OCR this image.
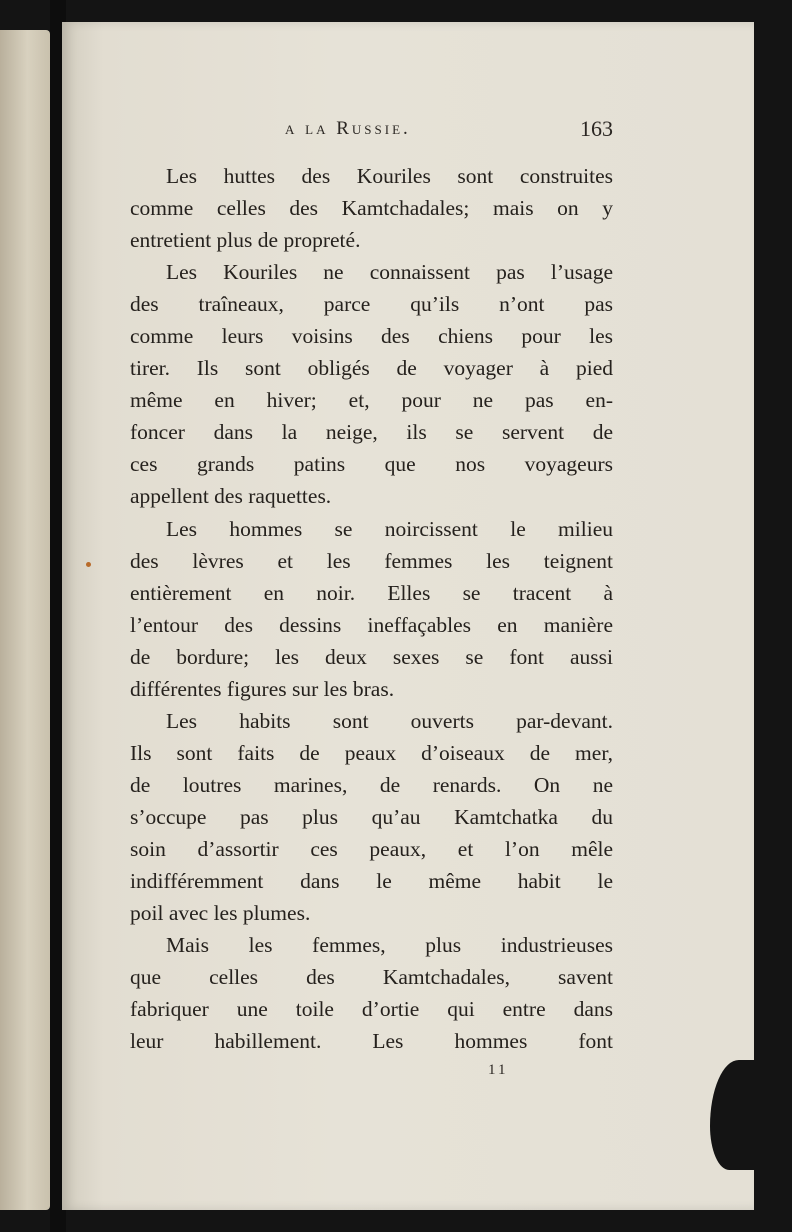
a la Russie.	163
Les huttes des Kouriles sont construites
comme celles des Kamtchadales; mais on y
entretient plus de propreté.
Les Kouriles ne connaissent pas l’usage
des traîneaux, parce qu’ils n’ont pas
comme leurs voisins des chiens pour les
tirer. Ils sont obligés de voyager à pied
même en hiver; et, pour ne pas en-
foncer dans la neige, ils se servent de
ces grands patins que nos voyageurs
appellent des raquettes.
Les hommes se noircissent le milieu
des lèvres et les femmes les teignent
entièrement en noir. Elles se tracent à
l’entour des dessins ineffaçables en manière
de bordure; les deux sexes se font aussi
différentes figures sur les bras.
Les habits sont ouverts par-devant.
Ils sont faits de peaux d’oiseaux de mer,
de loutres marines, de renards. On ne
s’occupe pas plus qu’au Kamtchatka du
soin d’assortir ces peaux, et l’on mêle
indifféremment dans le même habit le
poil avec les plumes.
Mais les femmes, plus industrieuses
que celles des Kamtchadales, savent
fabriquer une toile d’ortie qui entre dans
leur habillement. Les hommes font
11
